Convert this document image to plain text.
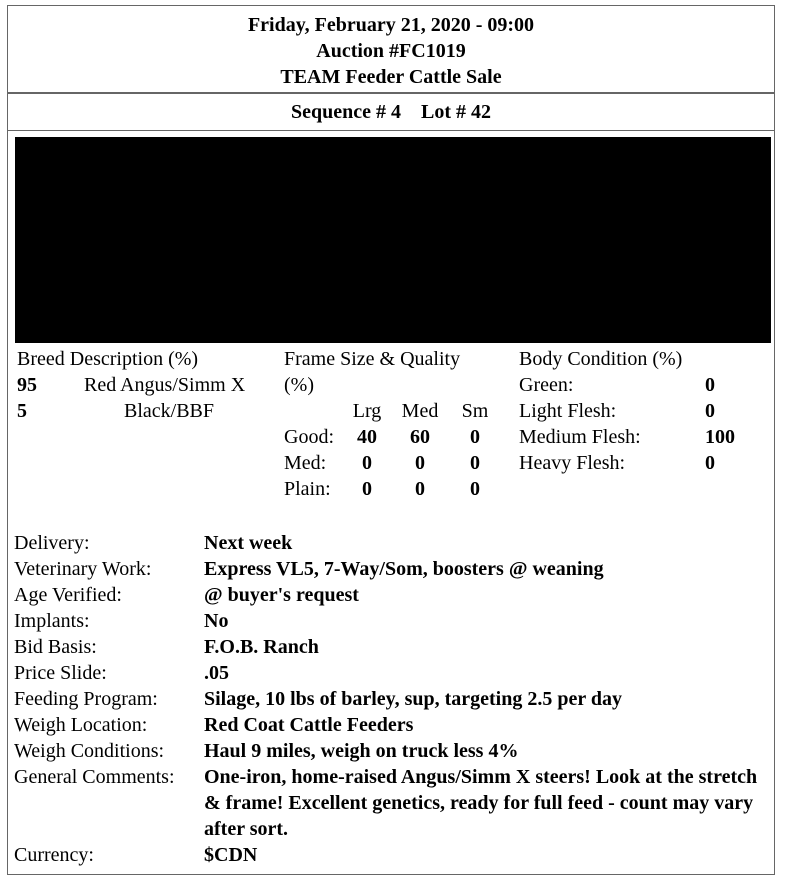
Friday, February 21, 2020 - 09:00
Auction #FC1019
TEAM Feeder Cattle Sale
Sequence # 4 Lot # 42
Breed Description (%)
95 Red Angus/Simm X
5	Black/BBF
Frame Size & Quality
(%)
Lrg Med Sm
Good:	40	60	0
Med:	0	0	0
Plain:	0	0	0
Body Condition (%)
Green:	0
Light Flesh:	0
Medium Flesh:	100
Heavy Flesh:	0
Delivery:	Next week
Veterinary Work:	Express VL5, 7-Way/Som, boosters @ weaning
Age Verified:	@ buyer's request
Implants:	No
Bid Basis:	F.O.B. Ranch
Price Slide:	.05
Feeding Program: Silage, 10 lbs of barley, sup, targeting 2.5 per day
Weigh Location:	Red Coat Cattle Feeders
Weigh Conditions: Haul 9 miles, weigh on truck less 4%
General Comments: One-iron, home-raised Angus/Simm X steers! Look at the stretch & frame! Excellent genetics, ready for full feed - count may vary after sort.
Currency:	$CDN
